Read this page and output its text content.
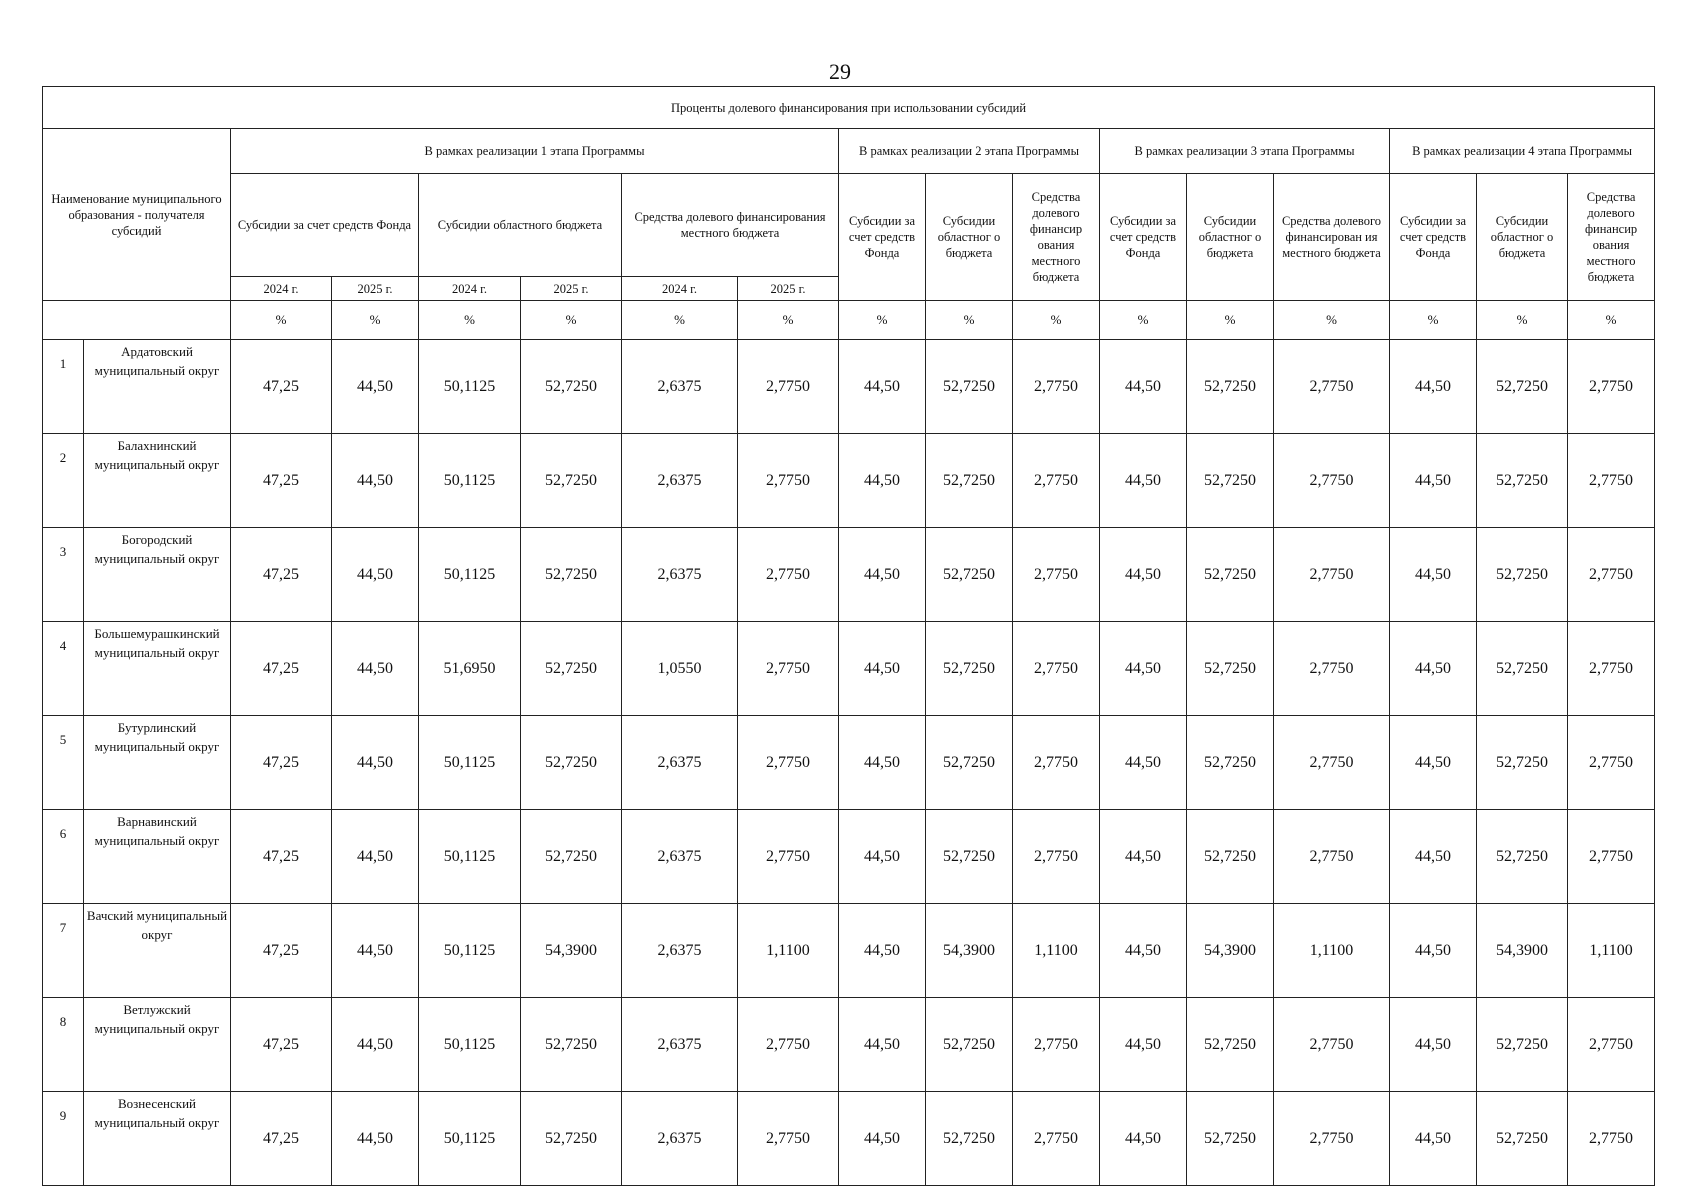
29
Проценты долевого финансирования при использовании субсидий																
Наименование муниципального образования - получателя субсидий		В рамках реализации 1 этапа Программы						В рамках реализации 2 этапа Программы			В рамках реализации 3 этапа Программы			В рамках реализации 4 этапа Программы		
		Субсидии за счет средств Фонда		Субсидии областного бюджета		Средства долевого финансирования местного бюджета		Субсидии за счет средств Фонда	Субсидии областног о бюджета	Средства долевого финансир ования местного бюджета	Субсидии за счет средств Фонда	Субсидии областног о бюджета	Средства долевого финансирован ия местного бюджета	Субсидии за счет средств Фонда	Субсидии областног о бюджета	Средства долевого финансир ования местного бюджета
		2024 г.	2025 г.	2024 г.	2025 г.	2024 г.	2025 г.									
		%	%	%	%	%	%	%	%	%	%	%	%	%	%	%
1	Ардатовский муниципальный округ	47,25	44,50	50,1125	52,7250	2,6375	2,7750	44,50	52,7250	2,7750	44,50	52,7250	2,7750	44,50	52,7250	2,7750
2	Балахнинский муниципальный округ	47,25	44,50	50,1125	52,7250	2,6375	2,7750	44,50	52,7250	2,7750	44,50	52,7250	2,7750	44,50	52,7250	2,7750
3	Богородский муниципальный округ	47,25	44,50	50,1125	52,7250	2,6375	2,7750	44,50	52,7250	2,7750	44,50	52,7250	2,7750	44,50	52,7250	2,7750
4	Большемурашкинский муниципальный округ	47,25	44,50	51,6950	52,7250	1,0550	2,7750	44,50	52,7250	2,7750	44,50	52,7250	2,7750	44,50	52,7250	2,7750
5	Бутурлинский муниципальный округ	47,25	44,50	50,1125	52,7250	2,6375	2,7750	44,50	52,7250	2,7750	44,50	52,7250	2,7750	44,50	52,7250	2,7750
6	Варнавинский муниципальный округ	47,25	44,50	50,1125	52,7250	2,6375	2,7750	44,50	52,7250	2,7750	44,50	52,7250	2,7750	44,50	52,7250	2,7750
7	Вачский муниципальный округ	47,25	44,50	50,1125	54,3900	2,6375	1,1100	44,50	54,3900	1,1100	44,50	54,3900	1,1100	44,50	54,3900	1,1100
8	Ветлужский муниципальный округ	47,25	44,50	50,1125	52,7250	2,6375	2,7750	44,50	52,7250	2,7750	44,50	52,7250	2,7750	44,50	52,7250	2,7750
9	Вознесенский муниципальный округ	47,25	44,50	50,1125	52,7250	2,6375	2,7750	44,50	52,7250	2,7750	44,50	52,7250	2,7750	44,50	52,7250	2,7750
